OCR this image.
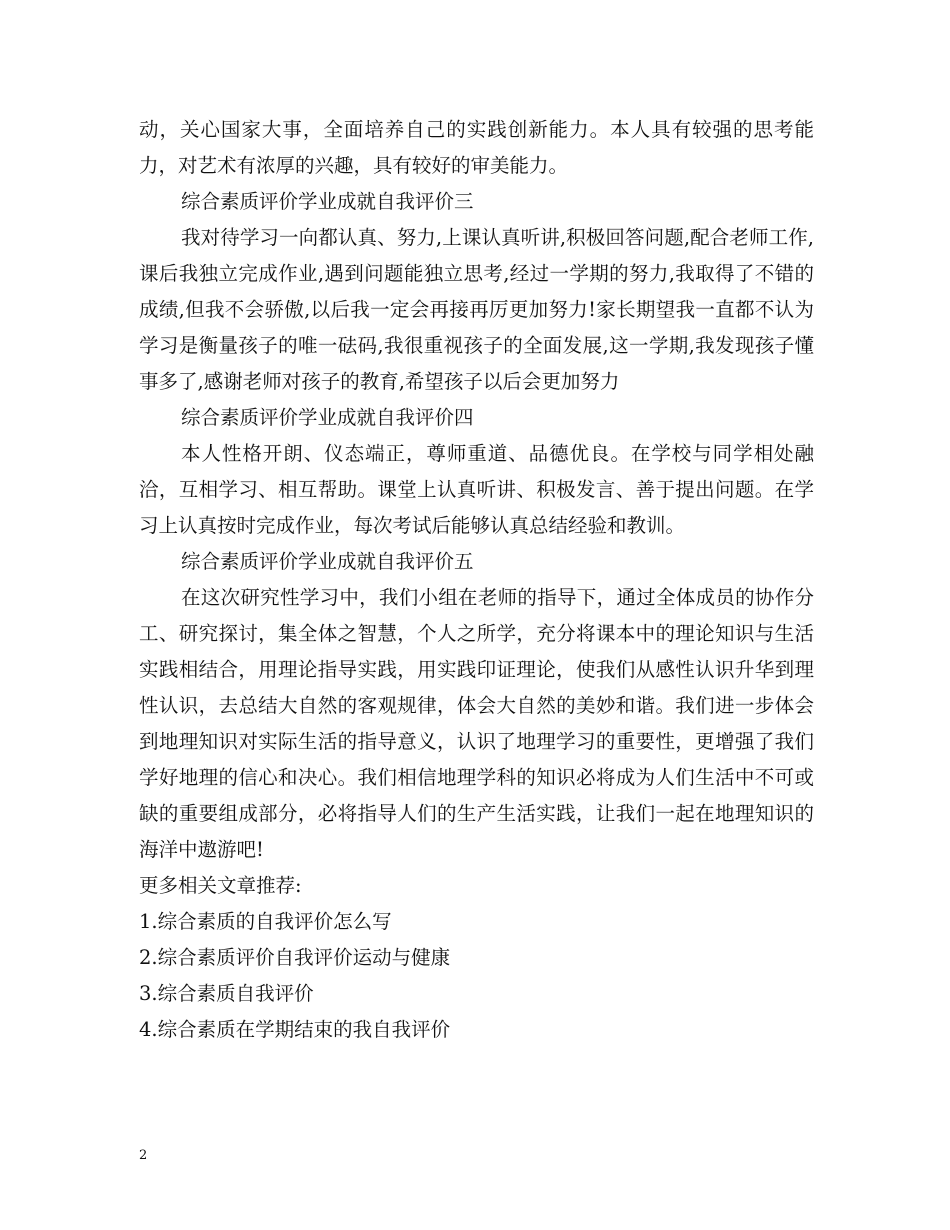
动，关心国家大事，全面培养自己的实践创新能力。本人具有较强的思考能力，对艺术有浓厚的兴趣，具有较好的审美能力。

综合素质评价学业成就自我评价三

我对待学习一向都认真、努力,上课认真听讲,积极回答问题,配合老师工作,课后我独立完成作业,遇到问题能独立思考,经过一学期的努力,我取得了不错的成绩,但我不会骄傲,以后我一定会再接再厉更加努力!家长期望我一直都不认为学习是衡量孩子的唯一砝码,我很重视孩子的全面发展,这一学期,我发现孩子懂事多了,感谢老师对孩子的教育,希望孩子以后会更加努力

综合素质评价学业成就自我评价四

本人性格开朗、仪态端正，尊师重道、品德优良。在学校与同学相处融洽，互相学习、相互帮助。课堂上认真听讲、积极发言、善于提出问题。在学习上认真按时完成作业，每次考试后能够认真总结经验和教训。

综合素质评价学业成就自我评价五

在这次研究性学习中，我们小组在老师的指导下，通过全体成员的协作分工、研究探讨，集全体之智慧，个人之所学，充分将课本中的理论知识与生活实践相结合，用理论指导实践，用实践印证理论，使我们从感性认识升华到理性认识，去总结大自然的客观规律，体会大自然的美妙和谐。我们进一步体会到地理知识对实际生活的指导意义，认识了地理学习的重要性，更增强了我们学好地理的信心和决心。我们相信地理学科的知识必将成为人们生活中不可或缺的重要组成部分，必将指导人们的生产生活实践，让我们一起在地理知识的海洋中遨游吧!

更多相关文章推荐:

1.综合素质的自我评价怎么写

2.综合素质评价自我评价运动与健康

3.综合素质自我评价

4.综合素质在学期结束的我自我评价

2
